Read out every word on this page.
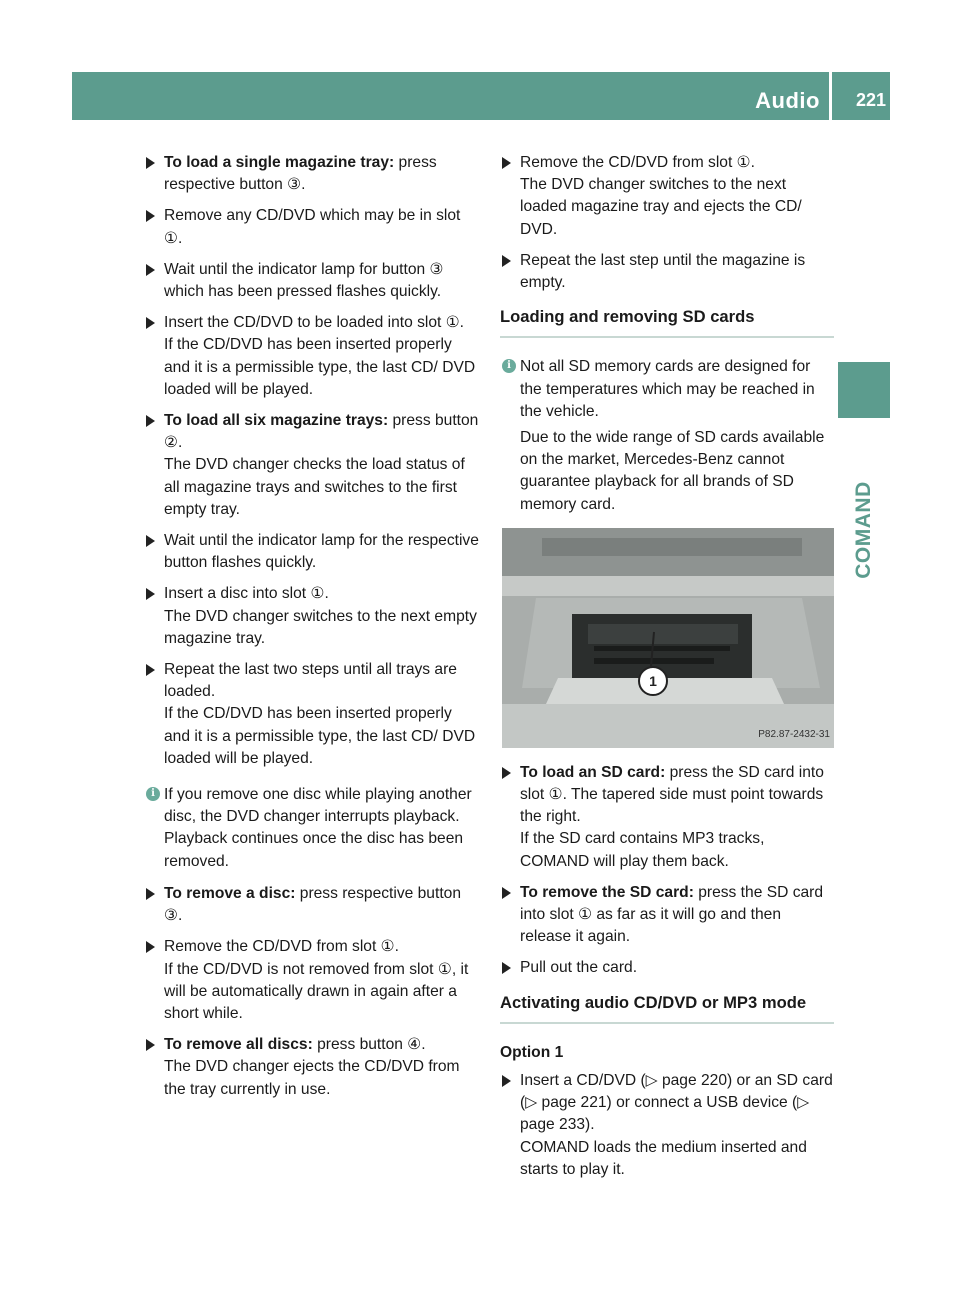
Audio 221
COMAND
To load a single magazine tray: press respective button ③.
Remove any CD/DVD which may be in slot ①.
Wait until the indicator lamp for button ③ which has been pressed flashes quickly.
Insert the CD/DVD to be loaded into slot ①.
If the CD/DVD has been inserted properly and it is a permissible type, the last CD/ DVD loaded will be played.
To load all six magazine trays: press button ②.
The DVD changer checks the load status of all magazine trays and switches to the first empty tray.
Wait until the indicator lamp for the respective button flashes quickly.
Insert a disc into slot ①.
The DVD changer switches to the next empty magazine tray.
Repeat the last two steps until all trays are loaded.
If the CD/DVD has been inserted properly and it is a permissible type, the last CD/ DVD loaded will be played.
i If you remove one disc while playing another disc, the DVD changer interrupts playback. Playback continues once the disc has been removed.
To remove a disc: press respective button ③.
Remove the CD/DVD from slot ①.
If the CD/DVD is not removed from slot ①, it will be automatically drawn in again after a short while.
To remove all discs: press button ④.
The DVD changer ejects the CD/DVD from the tray currently in use.
Remove the CD/DVD from slot ①.
The DVD changer switches to the next loaded magazine tray and ejects the CD/ DVD.
Repeat the last step until the magazine is empty.
Loading and removing SD cards
i Not all SD memory cards are designed for the temperatures which may be reached in the vehicle.
Due to the wide range of SD cards available on the market, Mercedes-Benz cannot guarantee playback for all brands of SD memory card.
1
P82.87-2432-31
To load an SD card: press the SD card into slot ①. The tapered side must point towards the right.
If the SD card contains MP3 tracks, COMAND will play them back.
To remove the SD card: press the SD card into slot ① as far as it will go and then release it again.
Pull out the card.
Activating audio CD/DVD or MP3 mode
Option 1
Insert a CD/DVD (▷ page 220) or an SD card (▷ page 221) or connect a USB device (▷ page 233).
COMAND loads the medium inserted and starts to play it.
